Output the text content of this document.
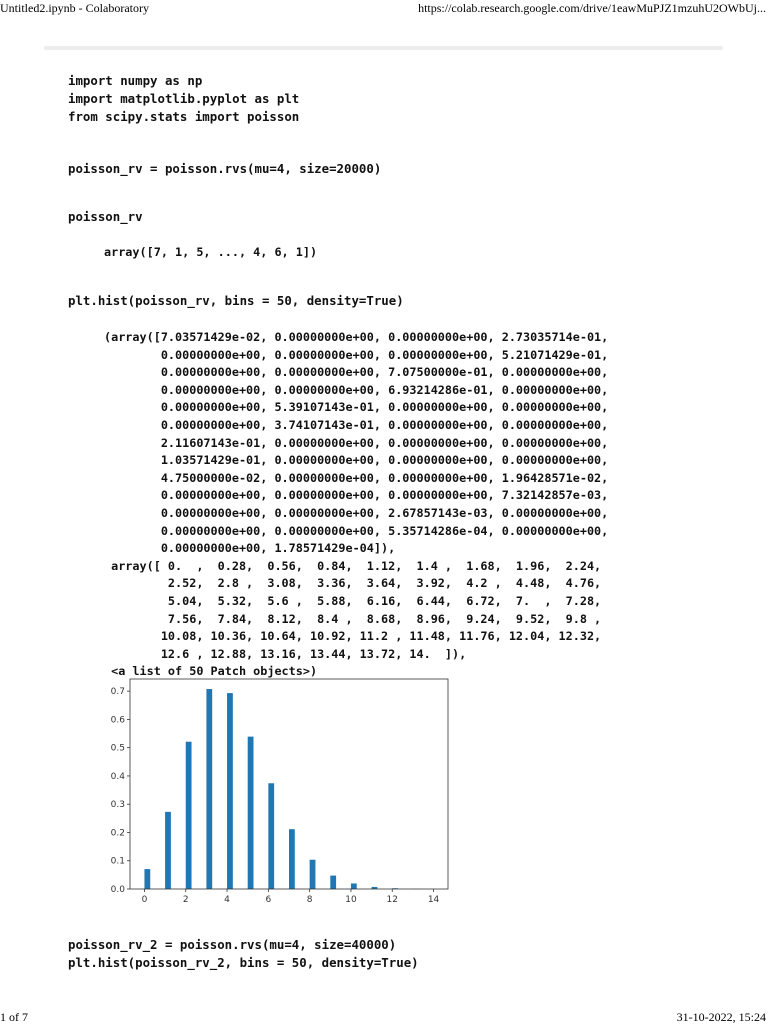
Untitled2.ipynb - Colaboratory	https://colab.research.google.com/drive/1eawMuPJZ1mzuhU2OWbUj...
import numpy as np
import matplotlib.pyplot as plt
from scipy.stats import poisson
poisson_rv = poisson.rvs(mu=4, size=20000)
poisson_rv
array([7, 1, 5, ..., 4, 6, 1])
plt.hist(poisson_rv, bins = 50, density=True)
(array([7.03571429e-02, 0.00000000e+00, 0.00000000e+00, 2.73035714e-01,
0.00000000e+00, 0.00000000e+00, 0.00000000e+00, 5.21071429e-01,
0.00000000e+00, 0.00000000e+00, 7.07500000e-01, 0.00000000e+00,
0.00000000e+00, 0.00000000e+00, 6.93214286e-01, 0.00000000e+00,
0.00000000e+00, 5.39107143e-01, 0.00000000e+00, 0.00000000e+00,
0.00000000e+00, 3.74107143e-01, 0.00000000e+00, 0.00000000e+00,
2.11607143e-01, 0.00000000e+00, 0.00000000e+00, 0.00000000e+00,
1.03571429e-01, 0.00000000e+00, 0.00000000e+00, 0.00000000e+00,
4.75000000e-02, 0.00000000e+00, 0.00000000e+00, 1.96428571e-02,
0.00000000e+00, 0.00000000e+00, 0.00000000e+00, 7.32142857e-03,
0.00000000e+00, 0.00000000e+00, 2.67857143e-03, 0.00000000e+00,
0.00000000e+00, 0.00000000e+00, 5.35714286e-04, 0.00000000e+00,
0.00000000e+00, 1.78571429e-04]),
array([ 0.  ,  0.28,  0.56,  0.84,  1.12,  1.4 ,  1.68,  1.96,  2.24,
2.52,  2.8 ,  3.08,  3.36,  3.64,  3.92,  4.2 ,  4.48,  4.76,
5.04,  5.32,  5.6 ,  5.88,  6.16,  6.44,  6.72,  7.  ,  7.28,
7.56,  7.84,  8.12,  8.4 ,  8.68,  8.96,  9.24,  9.52,  9.8 ,
10.08, 10.36, 10.64, 10.92, 11.2 , 11.48, 11.76, 12.04, 12.32,
12.6 , 12.88, 13.16, 13.44, 13.72, 14.  ]),
<a list of 50 Patch objects>)
0	2	4	6	8	10	12	14
0.0
0.1
0.2
0.3
0.4
0.5
0.6
0.7
poisson_rv_2 = poisson.rvs(mu=4, size=40000)
plt.hist(poisson_rv_2, bins = 50, density=True)
1 of 7	31-10-2022, 15:24
